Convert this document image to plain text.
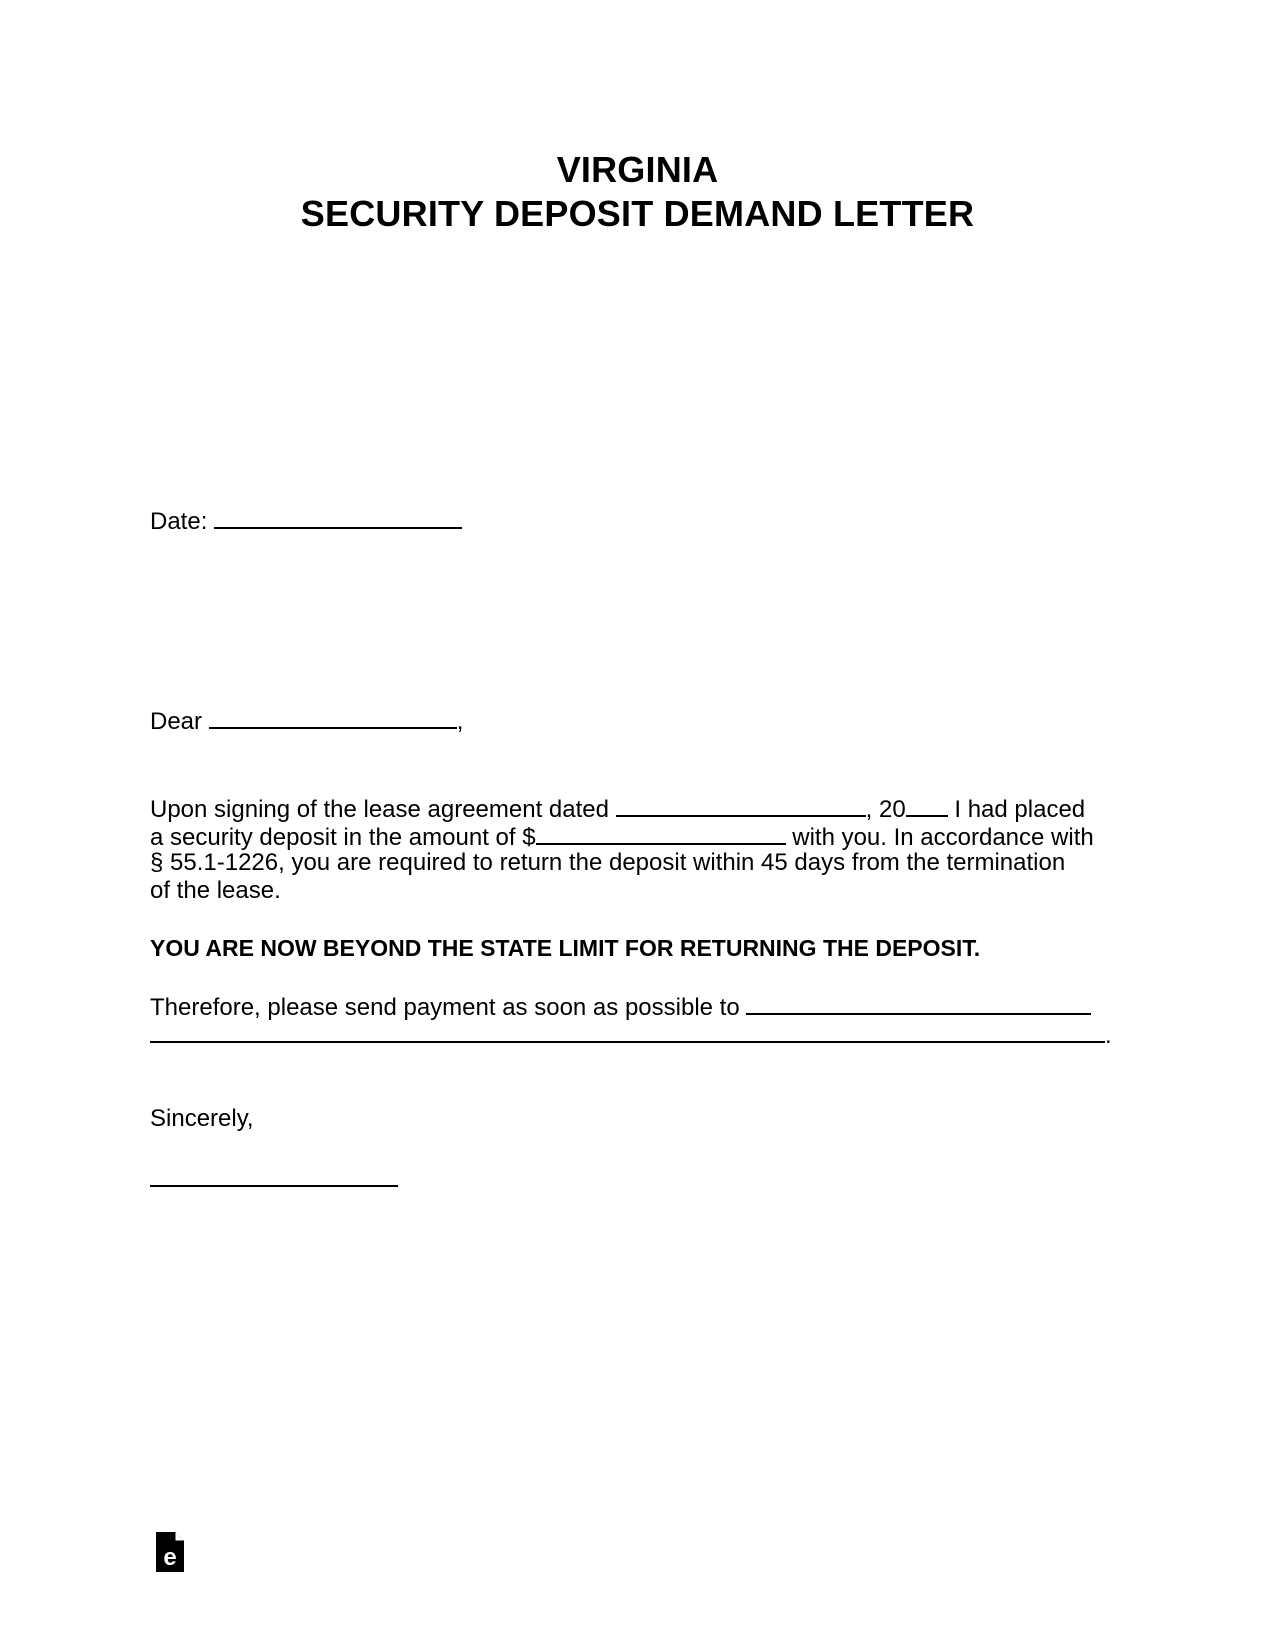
VIRGINIA
SECURITY DEPOSIT DEMAND LETTER
Date:
Dear	,
Upon signing of the lease agreement dated	, 20 I had placed
a security deposit in the amount of $	with you. In accordance with
§ 55.1-1226, you are required to return the deposit within 45 days from the termination
of the lease.
YOU ARE NOW BEYOND THE STATE LIMIT FOR RETURNING THE DEPOSIT.
Therefore, please send payment as soon as possible to
.
Sincerely,
e
